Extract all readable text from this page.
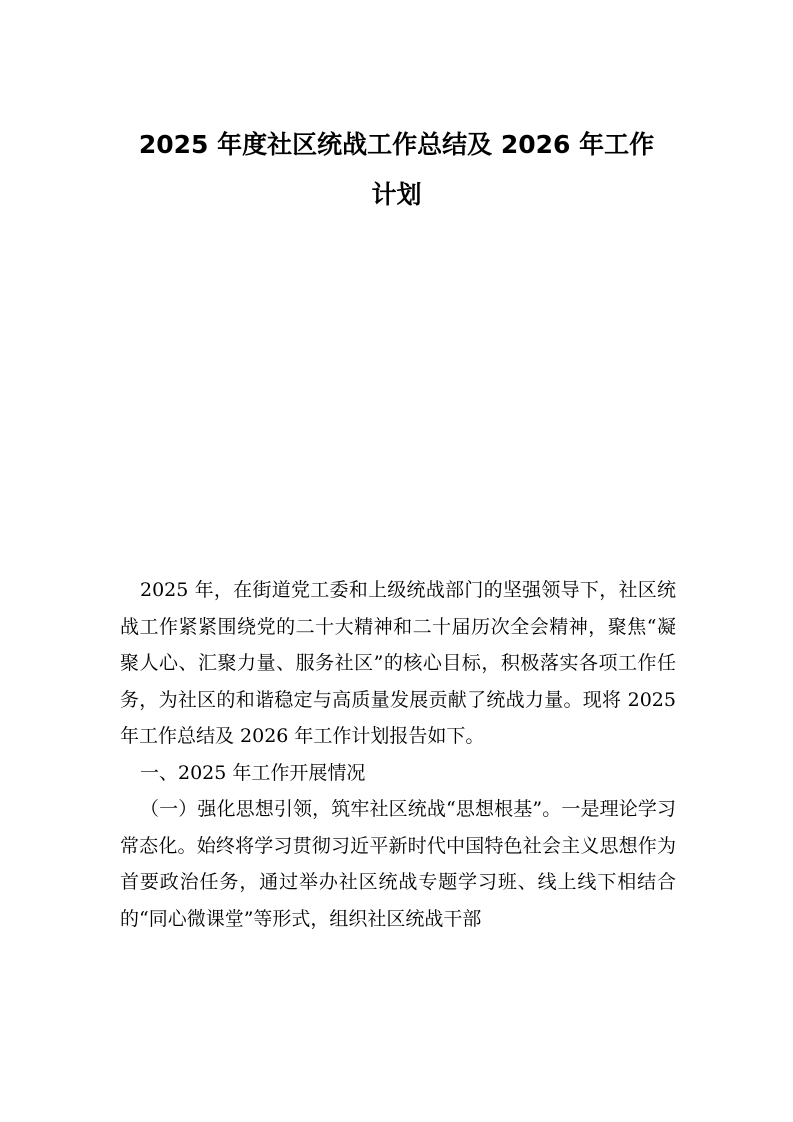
2025 年度社区统战工作总结及 2026 年工作
计划

2025 年，在街道党工委和上级统战部门的坚强领导下，社区统战工作紧紧围绕党的二十大精神和二十届历次全会精神，聚焦“凝聚人心、汇聚力量、服务社区”的核心目标，积极落实各项工作任务，为社区的和谐稳定与高质量发展贡献了统战力量。现将 2025 年工作总结及 2026 年工作计划报告如下。

一、2025 年工作开展情况

（一）强化思想引领，筑牢社区统战“思想根基”。一是理论学习常态化。始终将学习贯彻习近平新时代中国特色社会主义思想作为首要政治任务，通过举办社区统战专题学习班、线上线下相结合的“同心微课堂”等形式，组织社区统战干部
